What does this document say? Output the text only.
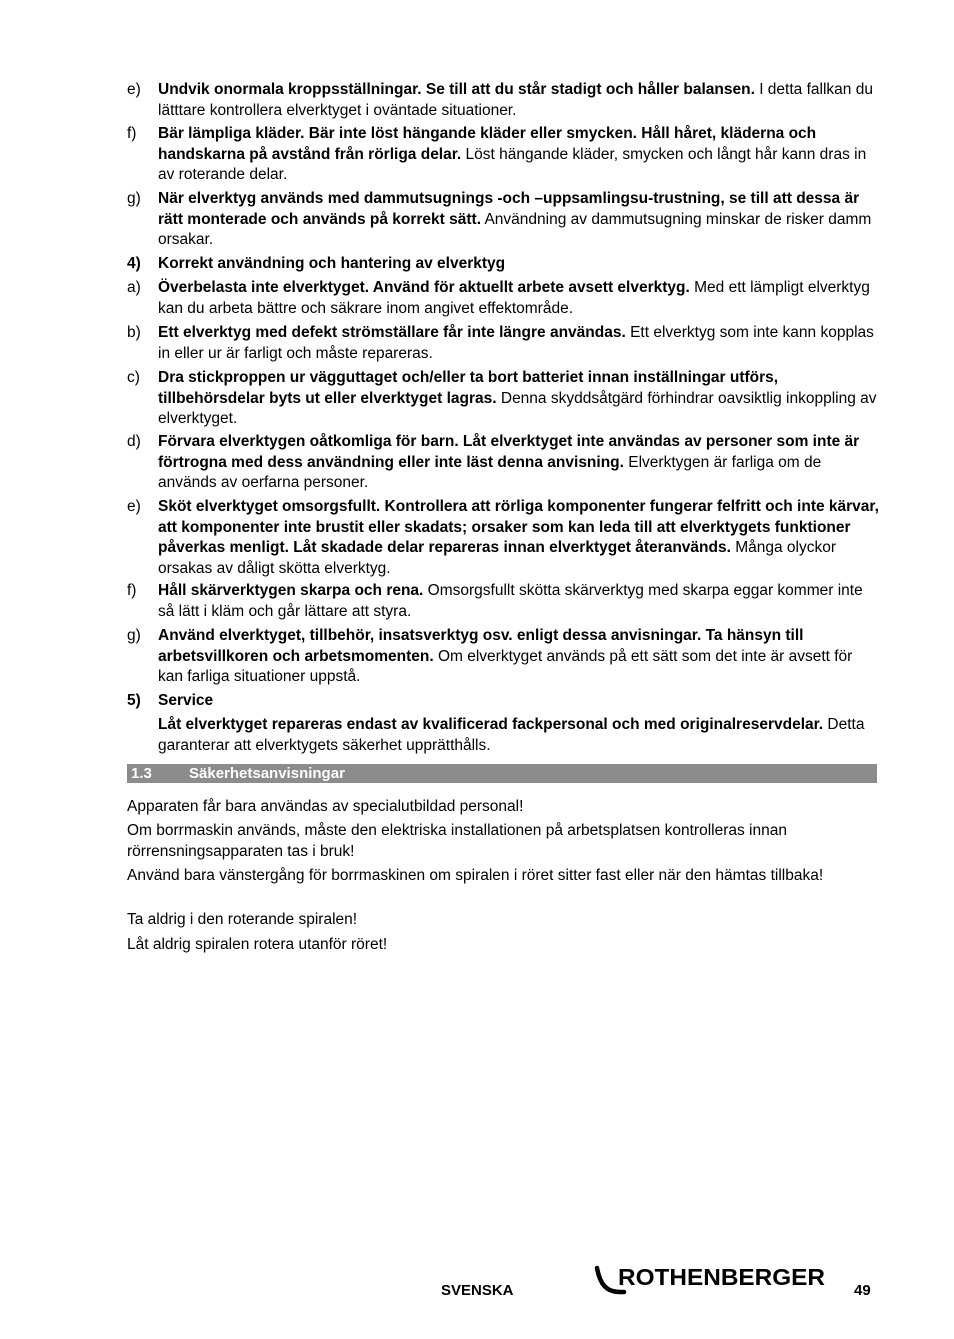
e) Undvik onormala kroppsställningar. Se till att du står stadigt och håller balansen. I detta fallkan du lätttare kontrollera elverktyget i oväntade situationer.
f) Bär lämpliga kläder. Bär inte löst hängande kläder eller smycken. Håll håret, kläderna och handskarna på avstånd från rörliga delar. Löst hängande kläder, smycken och långt hår kann dras in av roterande delar.
g) När elverktyg används med dammutsugnings -och –uppsamlingsu-trustning, se till att dessa är rätt monterade och används på korrekt sätt. Användning av dammutsugning minskar de risker damm orsakar.
4) Korrekt användning och hantering av elverktyg
a) Överbelasta inte elverktyget. Använd för aktuellt arbete avsett elverktyg. Med ett lämpligt elverktyg kan du arbeta bättre och säkrare inom angivet effektområde.
b) Ett elverktyg med defekt strömställare får inte längre användas. Ett elverktyg som inte kann kopplas in eller ur är farligt och måste repareras.
c) Dra stickproppen ur vägguttaget och/eller ta bort batteriet innan inställningar utförs, tillbehörsdelar byts ut eller elverktyget lagras. Denna skyddsåtgärd förhindrar oavsiktlig inkoppling av elverktyget.
d) Förvara elverktygen oåtkomliga för barn. Låt elverktyget inte användas av personer som inte är förtrogna med dess användning eller inte läst denna anvisning. Elverktygen är farliga om de används av oerfarna personer.
e) Sköt elverktyget omsorgsfullt. Kontrollera att rörliga komponenter fungerar felfritt och inte kärvar, att komponenter inte brustit eller skadats; orsaker som kan leda till att elverktygets funktioner påverkas menligt. Låt skadade delar repareras innan elverktyget återanvänds. Många olyckor orsakas av dåligt skötta elverktyg.
f) Håll skärverktygen skarpa och rena. Omsorgsfullt skötta skärverktyg med skarpa eggar kommer inte så lätt i kläm och går lättare att styra.
g) Använd elverktyget, tillbehör, insatsverktyg osv. enligt dessa anvisningar. Ta hänsyn till arbetsvillkoren och arbetsmomenten. Om elverktyget används på ett sätt som det inte är avsett för kan farliga situationer uppstå.
5) Service
Låt elverktyget repareras endast av kvalificerad fackpersonal och med originalreservdelar. Detta garanterar att elverktygets säkerhet upprätthålls.
1.3 Säkerhetsanvisningar
Apparaten får bara användas av specialutbildad personal!
Om borrmaskin används, måste den elektriska installationen på arbetsplatsen kontrolleras innan rörrensningsapparaten tas i bruk!
Använd bara vänstergång för borrmaskinen om spiralen i röret sitter fast eller när den hämtas tillbaka!
Ta aldrig i den roterande spiralen!
Låt aldrig spiralen rotera utanför röret!
SVENSKA
ROTHENBERGER
49
